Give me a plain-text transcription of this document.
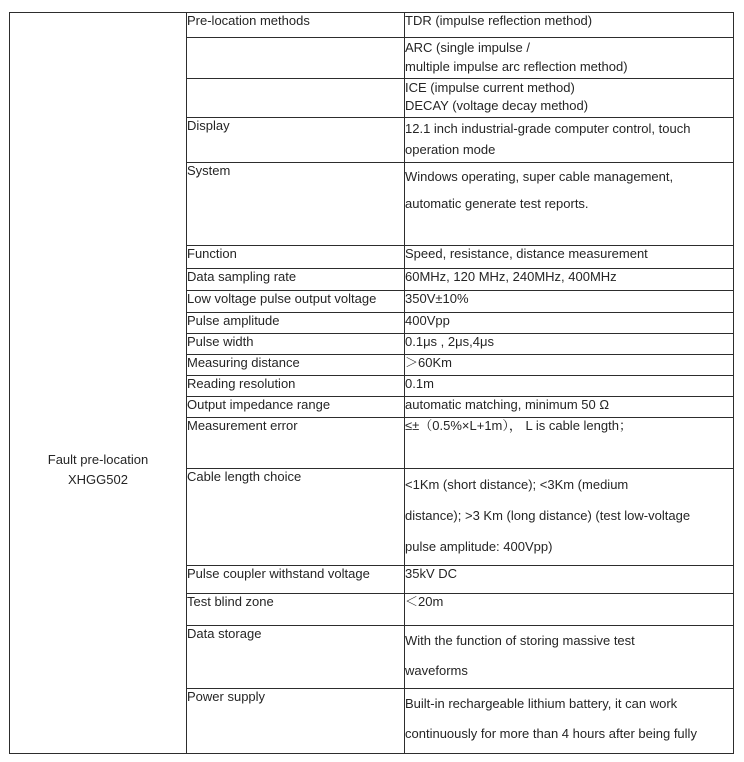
Fault pre-location
XHGG502	Pre-location methods	TDR (impulse reflection method)

		ARC (single impulse /
multiple impulse arc reflection method)

		ICE (impulse current method)
DECAY (voltage decay method)

	Display	12.1 inch industrial-grade computer control, touch
operation mode

	System	Windows operating, super cable management,
automatic generate test reports.

	Function	Speed, resistance, distance measurement

	Data sampling rate	60MHz, 120 MHz, 240MHz, 400MHz

	Low voltage pulse output voltage	350V±10%

	Pulse amplitude	400Vpp

	Pulse width	0.1μs , 2μs,4μs

	Measuring distance	＞60Km

	Reading resolution	0.1m

	Output impedance range	automatic matching, minimum 50 Ω

	Measurement error	≤±（0.5%×L+1m）， L is cable length；

	Cable length choice	<1Km (short distance); <3Km (medium
distance); >3 Km (long distance) (test low-voltage
pulse amplitude: 400Vpp)

	Pulse coupler withstand voltage	35kV DC

	Test blind zone	＜20m

	Data storage	With the function of storing massive test
waveforms

	Power supply	Built-in rechargeable lithium battery, it can work
continuously for more than 4 hours after being fully
